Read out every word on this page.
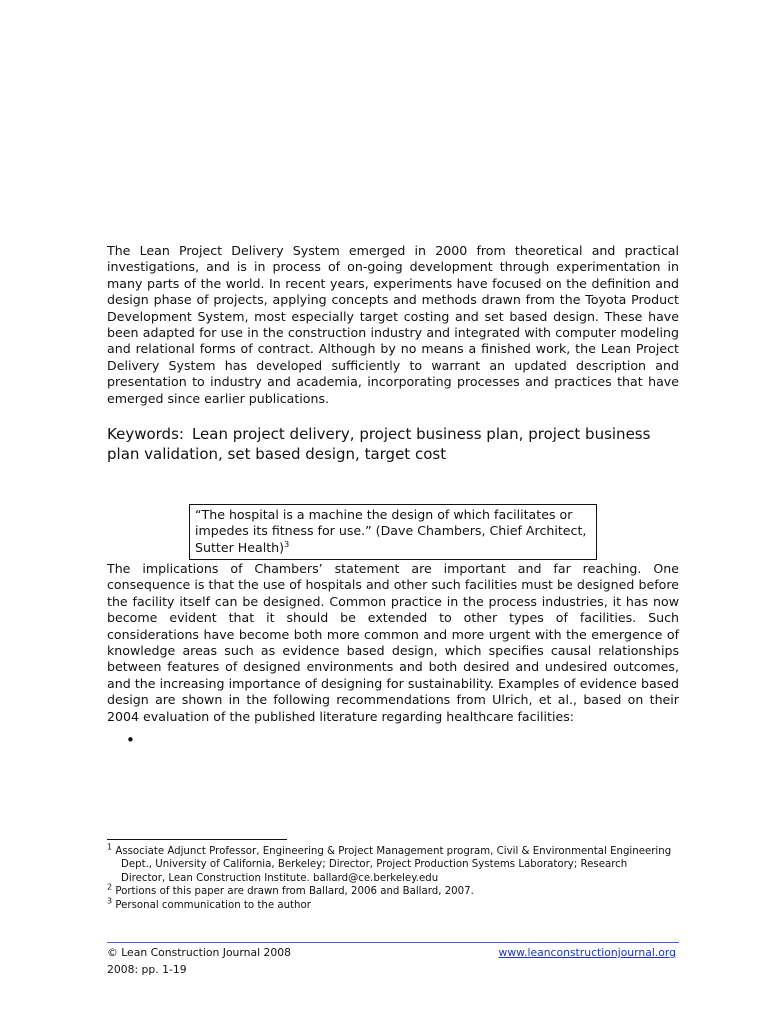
The Lean Project Delivery System emerged in 2000 from theoretical and practical investigations, and is in process of on-going development through experimentation in many parts of the world. In recent years, experiments have focused on the definition and design phase of projects, applying concepts and methods drawn from the Toyota Product Development System, most especially target costing and set based design. These have been adapted for use in the construction industry and integrated with computer modeling and relational forms of contract. Although by no means a finished work, the Lean Project Delivery System has developed sufficiently to warrant an updated description and presentation to industry and academia, incorporating processes and practices that have emerged since earlier publications.

Keywords: Lean project delivery, project business plan, project business plan validation, set based design, target cost

“The hospital is a machine the design of which facilitates or impedes its fitness for use.” (Dave Chambers, Chief Architect, Sutter Health)$^3$

The implications of Chambers’ statement are important and far reaching. One consequence is that the use of hospitals and other such facilities must be designed before the facility itself can be designed. Common practice in the process industries, it has now become evident that it should be extended to other types of facilities. Such considerations have become both more common and more urgent with the emergence of knowledge areas such as evidence based design, which specifies causal relationships between features of designed environments and both desired and undesired outcomes, and the increasing importance of designing for sustainability. Examples of evidence based design are shown in the following recommendations from Ulrich, et al., based on their 2004 evaluation of the published literature regarding healthcare facilities:

•

$^1$ Associate Adjunct Professor, Engineering & Project Management program, Civil & Environmental Engineering
Dept., University of California, Berkeley; Director, Project Production Systems Laboratory; Research
Director, Lean Construction Institute. ballard@ce.berkeley.edu

$^2$ Portions of this paper are drawn from Ballard, 2006 and Ballard, 2007.

$^3$ Personal communication to the author

© Lean Construction Journal 2008
2008: pp. 1-19
www.leanconstructionjournal.org
